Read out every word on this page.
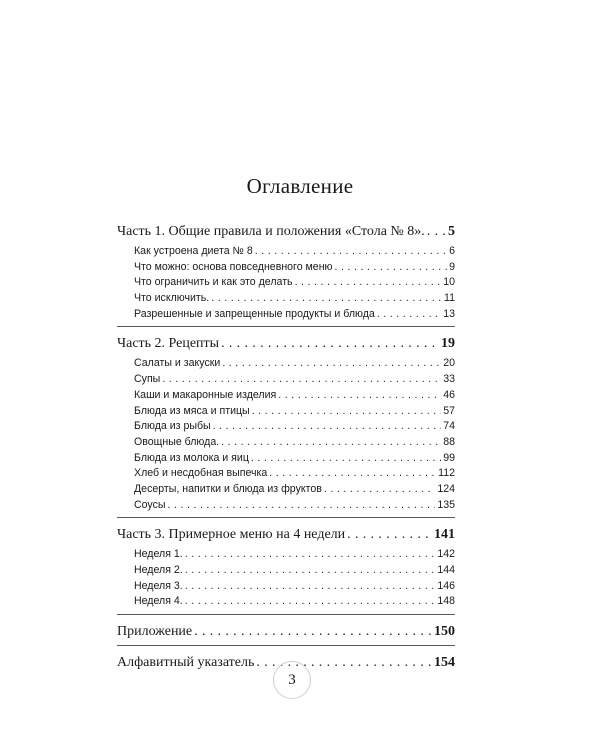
Оглавление
Часть 1. Общие правила и положения «Стола № 8». . . . 5
Как устроена диета № 8 . . .	6
Что можно: основа повседневного меню . . .	9
Что ограничить и как это делать . . .	10
Что исключить. . . .	11
Разрешенные и запрещенные продукты и блюда . . .	13
Часть 2. Рецепты . . .	19
Салаты и закуски . . .	20
Супы . . .	33
Каши и макаронные изделия . . .	46
Блюда из мяса и птицы . . .	57
Блюда из рыбы . . .	74
Овощные блюда. . . .	88
Блюда из молока и яиц . . .	99
Хлеб и несдобная выпечка . . .	112
Десерты, напитки и блюда из фруктов . . .	124
Соусы . . .	135
Часть 3. Примерное меню на 4 недели . . .	141
Неделя 1. . . .	142
Неделя 2. . . .	144
Неделя 3. . . .	146
Неделя 4. . . .	148
Приложение . . .	150
Алфавитный указатель . . .	154
3
